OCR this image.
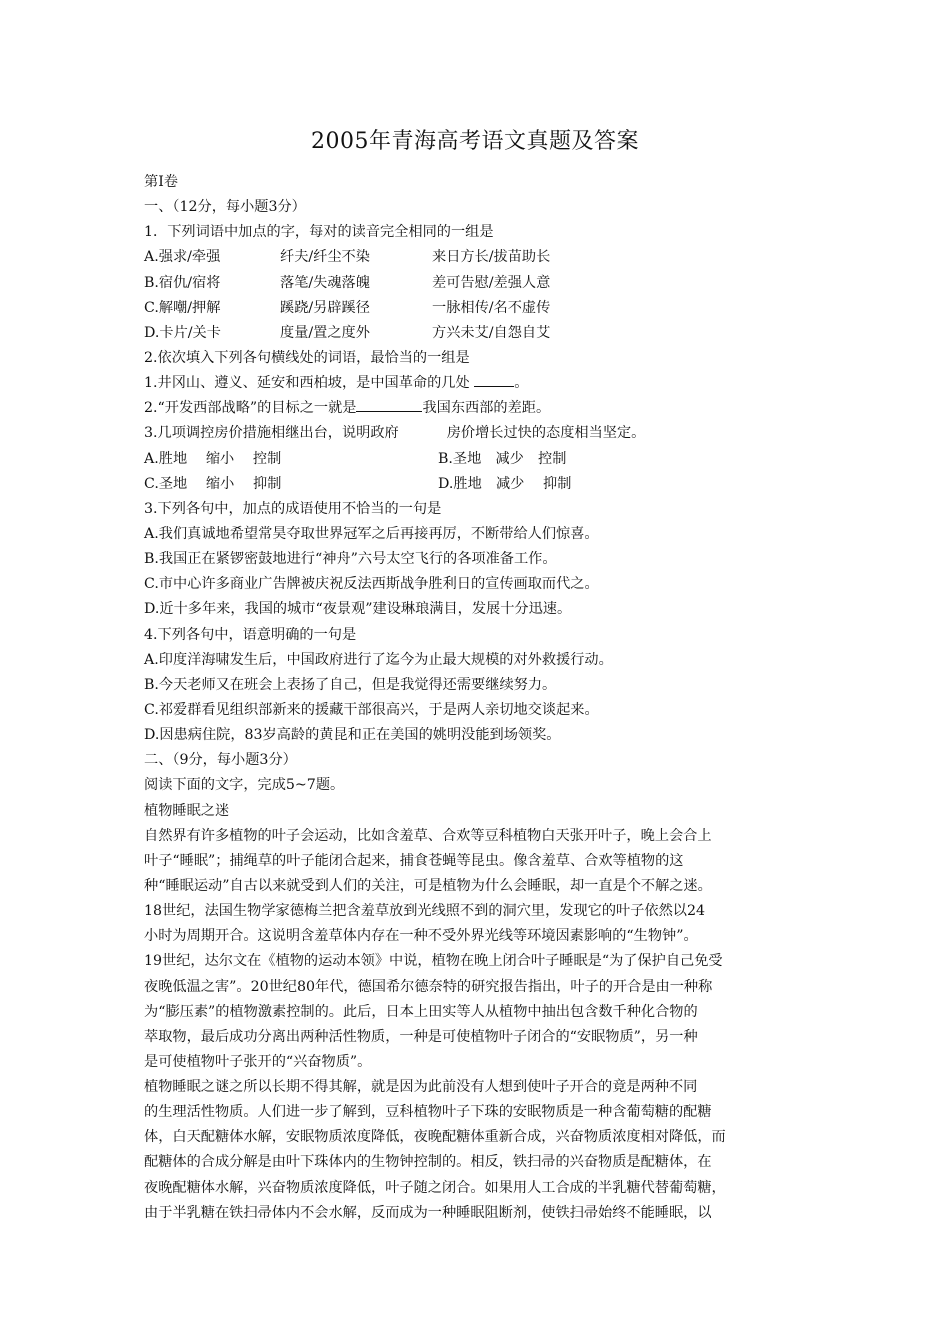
2005年青海高考语文真题及答案
第Ⅰ卷
一、（12分，每小题3分）
1．下列词语中加点的字，每对的读音完全相同的一组是
A.强求/牵强	纤夫/纤尘不染	来日方长/拔苗助长
B.宿仇/宿将	落笔/失魂落魄	差可告慰/差强人意
C.解嘲/押解	蹊跷/另辟蹊径	一脉相传/名不虚传
D.卡片/关卡	度量/置之度外	方兴未艾/自怨自艾
2.依次填入下列各句横线处的词语，最恰当的一组是
1.井冈山、遵义、延安和西柏坡，是中国革命的几处	。
2.“开发西部战略”的目标之一就是	我国东西部的差距。
3.几项调控房价措施相继出台，说明政府	房价增长过快的态度相当坚定。
A.胜地　 缩小　 控制	B.圣地　减少　控制
C.圣地　 缩小　 抑制	D.胜地　减少　 抑制
3.下列各句中，加点的成语使用不恰当的一句是
A.我们真诚地希望常昊夺取世界冠军之后再接再厉，不断带给人们惊喜。
B.我国正在紧锣密鼓地进行“神舟”六号太空飞行的各项准备工作。
C.市中心许多商业广告牌被庆祝反法西斯战争胜利日的宣传画取而代之。
D.近十多年来，我国的城市“夜景观”建设琳琅满目，发展十分迅速。
4.下列各句中，语意明确的一句是
A.印度洋海啸发生后，中国政府进行了迄今为止最大规模的对外救援行动。
B.今天老师又在班会上表扬了自己，但是我觉得还需要继续努力。
C.祁爱群看见组织部新来的援藏干部很高兴，于是两人亲切地交谈起来。
D.因患病住院，83岁高龄的黄昆和正在美国的姚明没能到场领奖。
二、（9分，每小题3分）
阅读下面的文字，完成5~7题。
植物睡眠之迷
自然界有许多植物的叶子会运动，比如含羞草、合欢等豆科植物白天张开叶子，晚上会合上
叶子“睡眠”；捕绳草的叶子能闭合起来，捕食苍蝇等昆虫。像含羞草、合欢等植物的这
种“睡眠运动”自古以来就受到人们的关注，可是植物为什么会睡眠，却一直是个不解之迷。
18世纪，法国生物学家德梅兰把含羞草放到光线照不到的洞穴里，发现它的叶子依然以24
小时为周期开合。这说明含羞草体内存在一种不受外界光线等环境因素影响的“生物钟”。
19世纪，达尔文在《植物的运动本领》中说，植物在晚上闭合叶子睡眠是“为了保护自己免受
夜晚低温之害”。20世纪80年代，德国希尔德奈特的研究报告指出，叶子的开合是由一种称
为“膨压素”的植物激素控制的。此后，日本上田实等人从植物中抽出包含数千种化合物的
萃取物，最后成功分离出两种活性物质，一种是可使植物叶子闭合的“安眠物质”，另一种
是可使植物叶子张开的“兴奋物质”。
植物睡眠之谜之所以长期不得其解，就是因为此前没有人想到使叶子开合的竟是两种不同
的生理活性物质。人们进一步了解到，豆科植物叶子下珠的安眠物质是一种含葡萄糖的配糖
体，白天配糖体水解，安眠物质浓度降低，夜晚配糖体重新合成，兴奋物质浓度相对降低，而
配糖体的合成分解是由叶下珠体内的生物钟控制的。相反，铁扫帚的兴奋物质是配糖体，在
夜晚配糖体水解，兴奋物质浓度降低，叶子随之闭合。如果用人工合成的半乳糖代替葡萄糖，
由于半乳糖在铁扫帚体内不会水解，反而成为一种睡眠阻断剂，使铁扫帚始终不能睡眠，以
